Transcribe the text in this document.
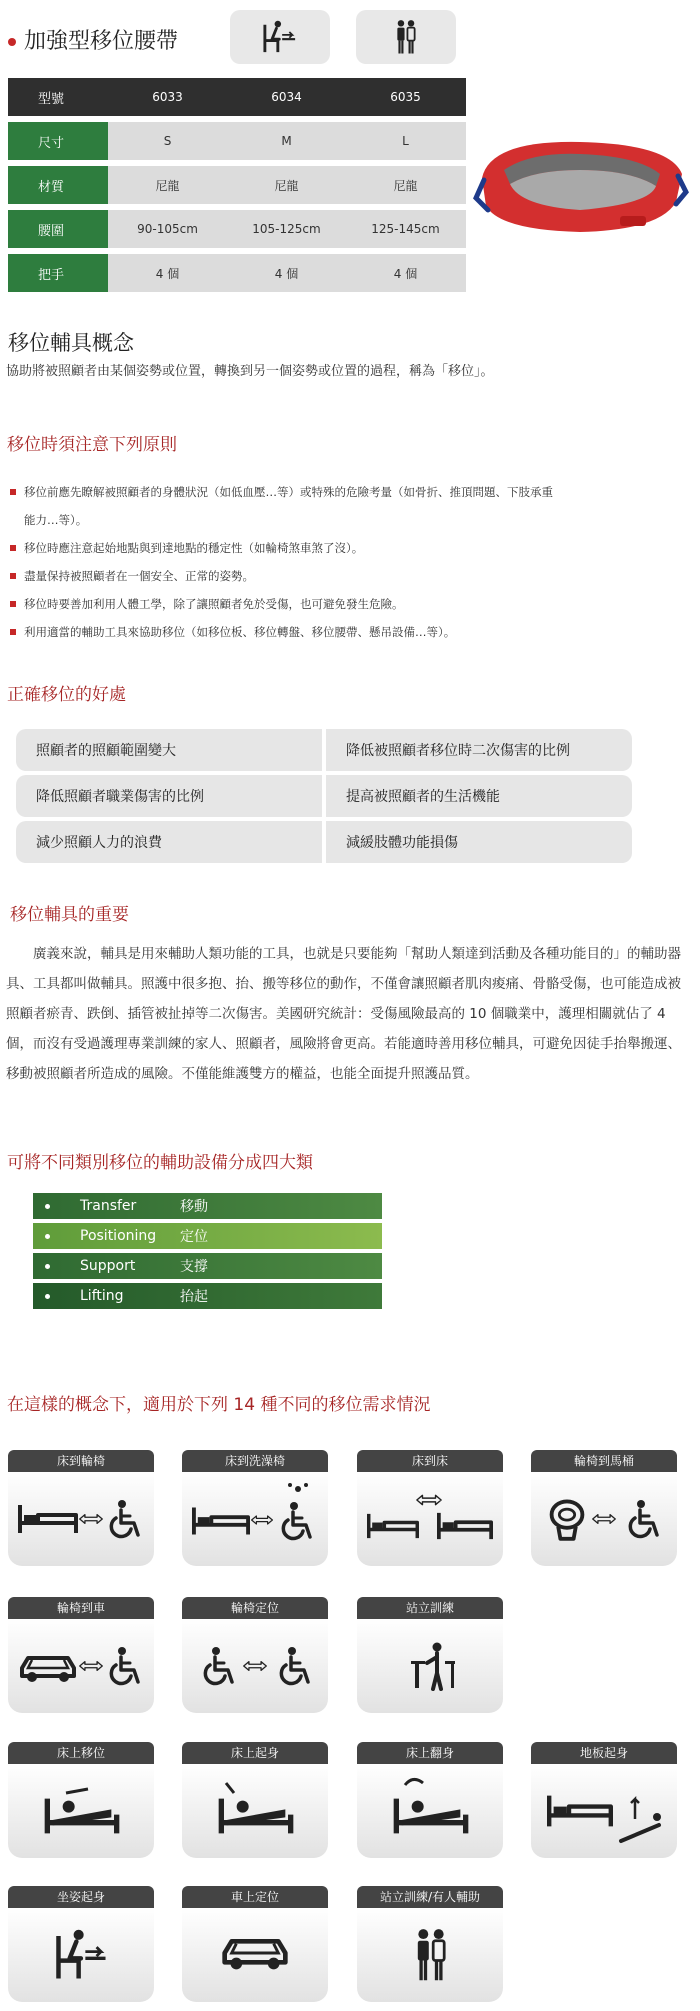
加強型移位腰帶
型號	6033	6034	6035
尺寸	S	M	L
材質	尼龍	尼龍	尼龍
腰圍	90-105cm	105-125cm	125-145cm
把手	4 個	4 個	4 個
移位輔具概念
協助將被照顧者由某個姿勢或位置，轉換到另一個姿勢或位置的過程，稱為「移位」。
移位時須注意下列原則
移位前應先瞭解被照顧者的身體狀況（如低血壓…等）或特殊的危險考量（如骨折、推頂問題、下肢承重
能力…等）。
移位時應注意起始地點與到達地點的穩定性（如輪椅煞車煞了沒）。
盡量保持被照顧者在一個安全、正常的姿勢。
移位時要善加利用人體工學，除了讓照顧者免於受傷，也可避免發生危險。
利用適當的輔助工具來協助移位（如移位板、移位轉盤、移位腰帶、懸吊設備…等）。
正確移位的好處
照顧者的照顧範圍變大	降低被照顧者移位時二次傷害的比例
降低照顧者職業傷害的比例	提高被照顧者的生活機能
減少照顧人力的浪費	減緩肢體功能損傷
移位輔具的重要
廣義來說，輔具是用來輔助人類功能的工具，也就是只要能夠「幫助人類達到活動及各種功能目的」的輔助器具、工具都叫做輔具。照護中很多抱、抬、搬等移位的動作，不僅會讓照顧者肌肉痠痛、骨骼受傷，也可能造成被照顧者瘀青、跌倒、插管被扯掉等二次傷害。美國研究統計：受傷風險最高的 10 個職業中，護理相關就佔了 4 個，而沒有受過護理專業訓練的家人、照顧者，風險將會更高。若能適時善用移位輔具，可避免因徒手抬舉搬運、移動被照顧者所造成的風險。不僅能維護雙方的權益，也能全面提升照護品質。
可將不同類別移位的輔助設備分成四大類
Transfer	移動
Positioning	定位
Support	支撐
Lifting	抬起
在這樣的概念下，適用於下列 14 種不同的移位需求情況
床到輪椅	床到洗澡椅	床到床	輪椅到馬桶
輪椅到車	輪椅定位	站立訓練
床上移位	床上起身	床上翻身	地板起身
坐姿起身	車上定位	站立訓練/有人輔助
